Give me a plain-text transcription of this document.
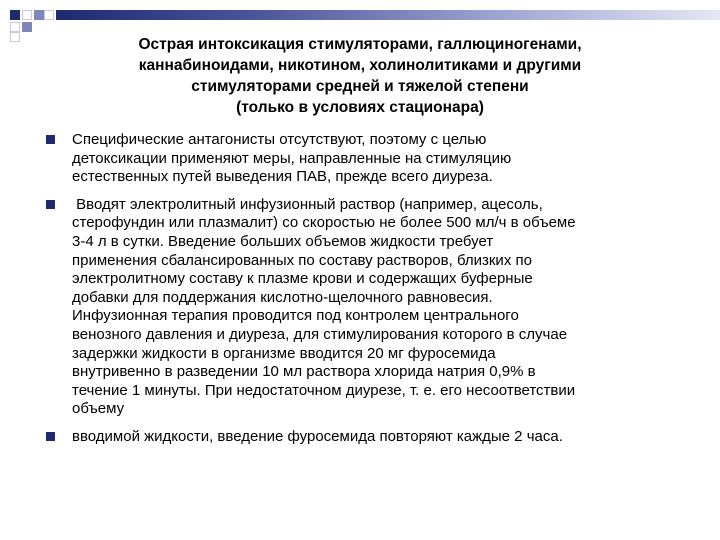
Острая интоксикация стимуляторами, галлюциногенами,
каннабиноидами, никотином, холинолитиками и другими
стимуляторами средней и тяжелой степени
(только в условиях стационара)
Специфические антагонисты отсутствуют, поэтому с целью
детоксикации применяют меры, направленные на стимуляцию
естественных путей выведения ПАВ, прежде всего диуреза.
Вводят электролитный инфузионный раствор (например, ацесоль,
стерофундин или плазмалит) со скоростью не более 500 мл/ч в объеме
3-4 л в сутки. Введение больших объемов жидкости требует
применения сбалансированных по составу растворов, близких по
электролитному составу к плазме крови и содержащих буферные
добавки для поддержания кислотно-щелочного равновесия.
Инфузионная терапия проводится под контролем центрального
венозного давления и диуреза, для стимулирования которого в случае
задержки жидкости в организме вводится 20 мг фуросемида
внутривенно в разведении 10 мл раствора хлорида натрия 0,9% в
течение 1 минуты. При недостаточном диурезе, т. е. его несоответствии
объему
вводимой жидкости, введение фуросемида повторяют каждые 2 часа.
